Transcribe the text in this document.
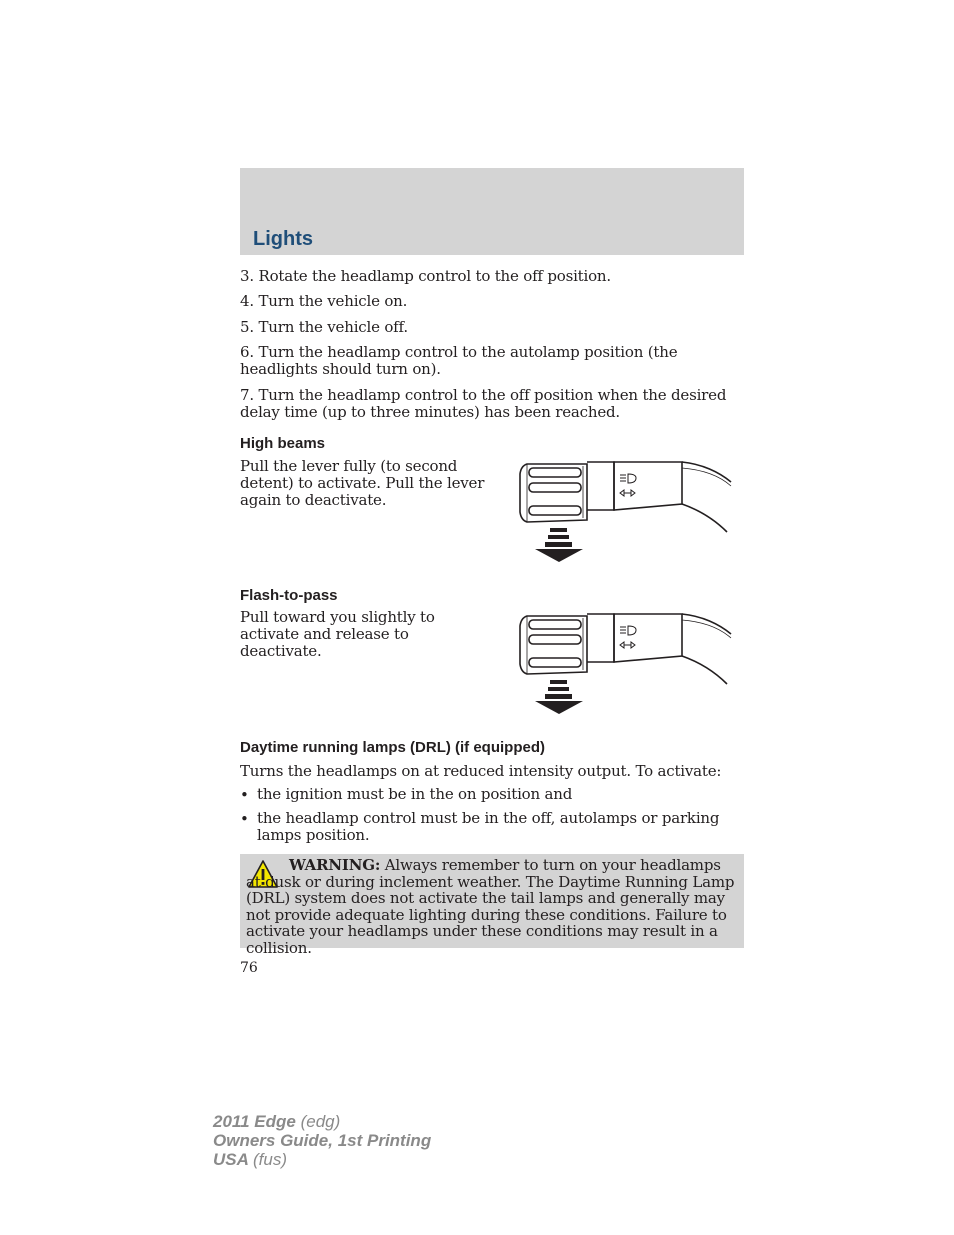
Lights
3. Rotate the headlamp control to the off position.
4. Turn the vehicle on.
5. Turn the vehicle off.
6. Turn the headlamp control to the autolamp position (the headlights should turn on).
7. Turn the headlamp control to the off position when the desired delay time (up to three minutes) has been reached.
High beams
Pull the lever fully (to second detent) to activate. Pull the lever again to deactivate.
Flash-to-pass
Pull toward you slightly to activate and release to deactivate.
Daytime running lamps (DRL) (if equipped)
Turns the headlamps on at reduced intensity output. To activate:
• the ignition must be in the on position and
• the headlamp control must be in the off, autolamps or parking lamps position.
WARNING: Always remember to turn on your headlamps at dusk or during inclement weather. The Daytime Running Lamp (DRL) system does not activate the tail lamps and generally may not provide adequate lighting during these conditions. Failure to activate your headlamps under these conditions may result in a collision.
76
2011 Edge (edg)
Owners Guide, 1st Printing
USA (fus)
